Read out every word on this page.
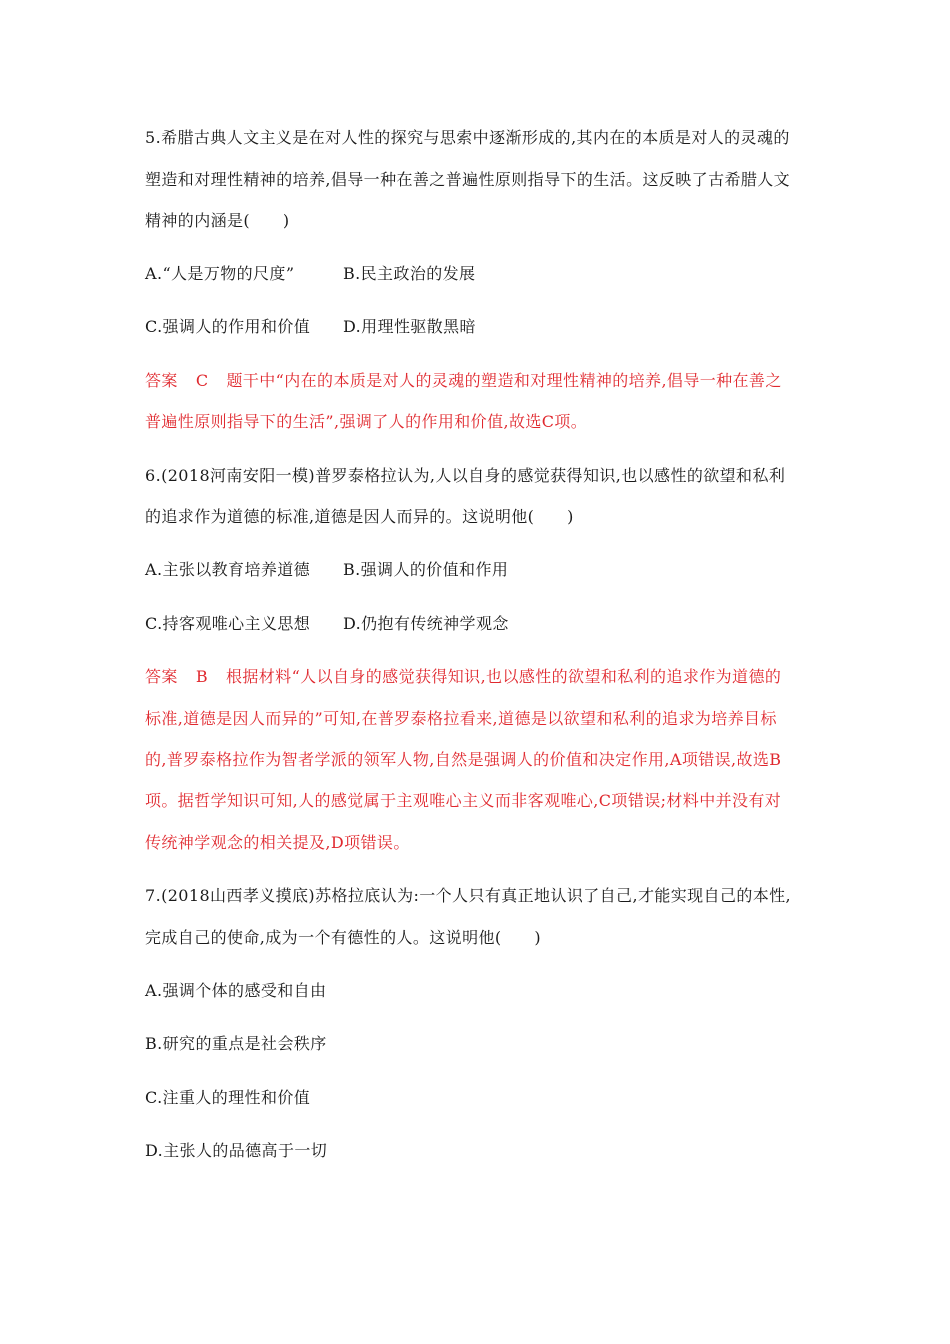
5.希腊古典人文主义是在对人性的探究与思索中逐渐形成的,其内在的本质是对人的灵魂的
塑造和对理性精神的培养,倡导一种在善之普遍性原则指导下的生活。这反映了古希腊人文
精神的内涵是(　　)
A.“人是万物的尺度”	B.民主政治的发展
C.强调人的作用和价值 D.用理性驱散黑暗
答案 C 题干中“内在的本质是对人的灵魂的塑造和对理性精神的培养,倡导一种在善之
普遍性原则指导下的生活”,强调了人的作用和价值,故选C项。
6.(2018河南安阳一模)普罗泰格拉认为,人以自身的感觉获得知识,也以感性的欲望和私利
的追求作为道德的标准,道德是因人而异的。这说明他(　　)
A.主张以教育培养道德 B.强调人的价值和作用
C.持客观唯心主义思想 D.仍抱有传统神学观念
答案 B 根据材料“人以自身的感觉获得知识,也以感性的欲望和私利的追求作为道德的
标准,道德是因人而异的”可知,在普罗泰格拉看来,道德是以欲望和私利的追求为培养目标
的,普罗泰格拉作为智者学派的领军人物,自然是强调人的价值和决定作用,A项错误,故选B
项。据哲学知识可知,人的感觉属于主观唯心主义而非客观唯心,C项错误;材料中并没有对
传统神学观念的相关提及,D项错误。
7.(2018山西孝义摸底)苏格拉底认为:一个人只有真正地认识了自己,才能实现自己的本性,
完成自己的使命,成为一个有德性的人。这说明他(　　)
A.强调个体的感受和自由
B.研究的重点是社会秩序
C.注重人的理性和价值
D.主张人的品德高于一切
